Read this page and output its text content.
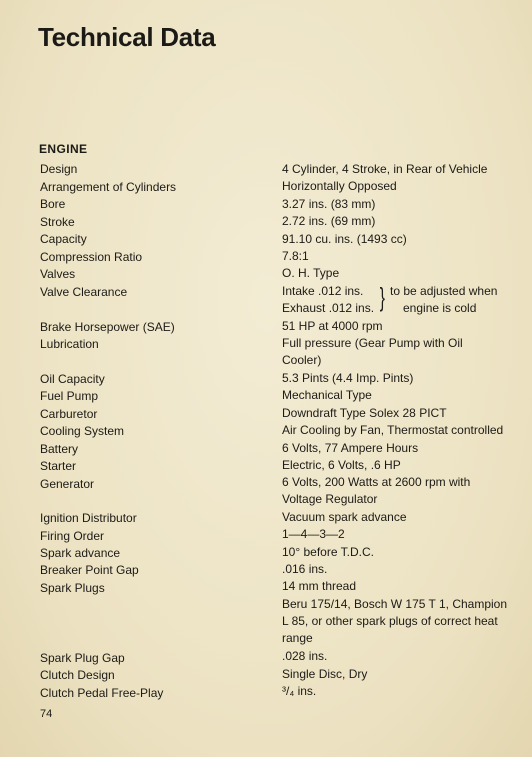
Technical Data
ENGINE
Design	4 Cylinder, 4 Stroke, in Rear of Vehicle
Arrangement of Cylinders	Horizontally Opposed
Bore	3.27 ins. (83 mm)
Stroke	2.72 ins. (69 mm)
Capacity	91.10 cu. ins. (1493 cc)
Compression Ratio	7.8:1
Valves	O. H. Type
Valve Clearance	Intake .012 ins.
Exhaust .012 ins. } to be adjusted when
engine is cold
Brake Horsepower (SAE)	51 HP at 4000 rpm
Lubrication	Full pressure (Gear Pump with Oil
Cooler)
Oil Capacity	5.3 Pints (4.4 Imp. Pints)
Fuel Pump	Mechanical Type
Carburetor	Downdraft Type Solex 28 PICT
Cooling System	Air Cooling by Fan, Thermostat controlled
Battery	6 Volts, 77 Ampere Hours
Starter	Electric, 6 Volts, .6 HP
Generator	6 Volts, 200 Watts at 2600 rpm with
Voltage Regulator
Ignition Distributor	Vacuum spark advance
Firing Order	1—4—3—2
Spark advance	10° before T.D.C.
Breaker Point Gap	.016 ins.
Spark Plugs	14 mm thread
Beru 175/14, Bosch W 175 T 1, Champion
L 85, or other spark plugs of correct heat
range
Spark Plug Gap	.028 ins.
Clutch Design	Single Disc, Dry
Clutch Pedal Free-Play	³/₄ ins.
74
